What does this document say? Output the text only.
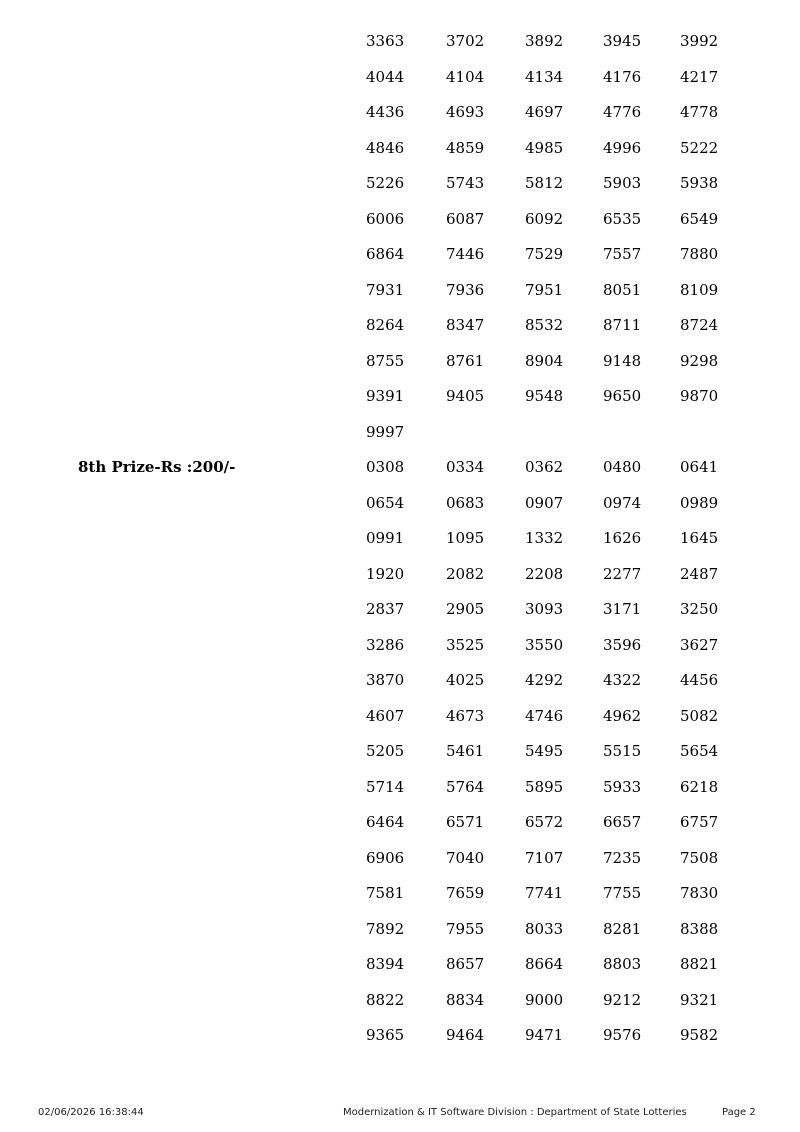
3363	3702	3892	3945	3992
4044	4104	4134	4176	4217
4436	4693	4697	4776	4778
4846	4859	4985	4996	5222
5226	5743	5812	5903	5938
6006	6087	6092	6535	6549
6864	7446	7529	7557	7880
7931	7936	7951	8051	8109
8264	8347	8532	8711	8724
8755	8761	8904	9148	9298
9391	9405	9548	9650	9870
9997
8th Prize-Rs :200/-	0308	0334	0362	0480	0641
0654	0683	0907	0974	0989
0991	1095	1332	1626	1645
1920	2082	2208	2277	2487
2837	2905	3093	3171	3250
3286	3525	3550	3596	3627
3870	4025	4292	4322	4456
4607	4673	4746	4962	5082
5205	5461	5495	5515	5654
5714	5764	5895	5933	6218
6464	6571	6572	6657	6757
6906	7040	7107	7235	7508
7581	7659	7741	7755	7830
7892	7955	8033	8281	8388
8394	8657	8664	8803	8821
8822	8834	9000	9212	9321
9365	9464	9471	9576	9582
02/06/2026 16:38:44	Modernization & IT Software Division : Department of State Lotteries	Page 2
